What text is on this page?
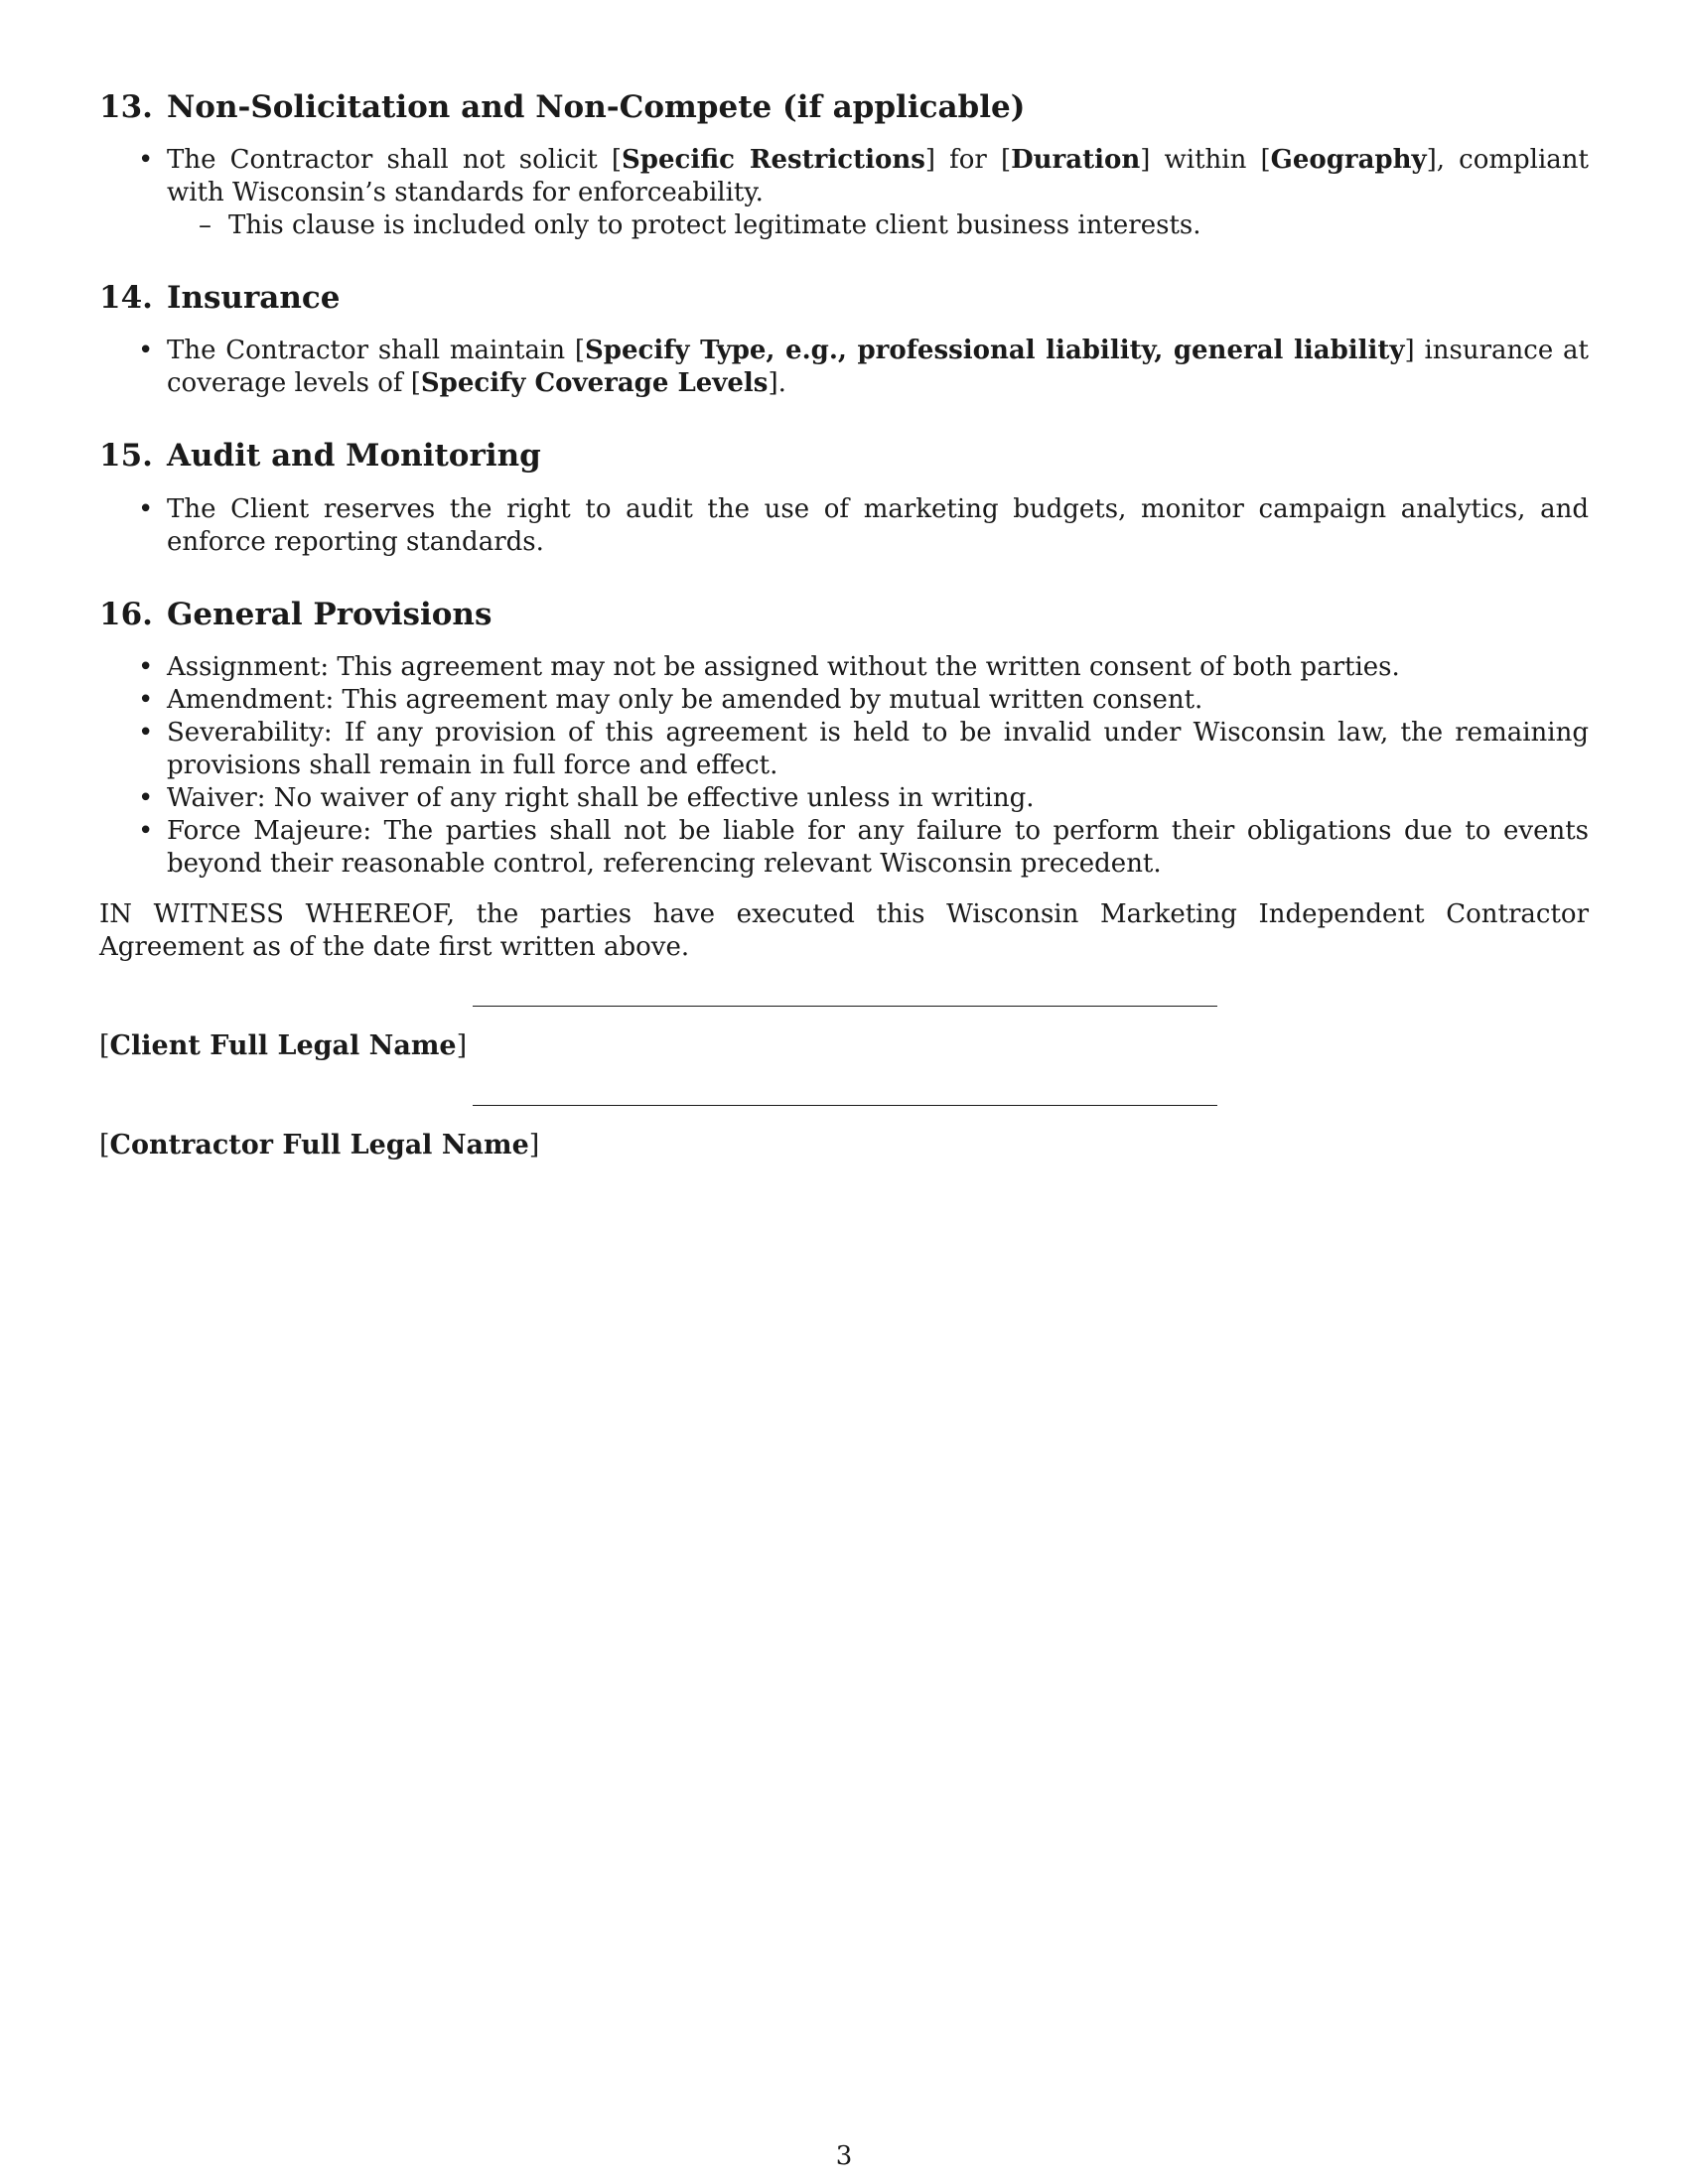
13. Non-Solicitation and Non-Compete (if applicable)
• The Contractor shall not solicit [Specific Restrictions] for [Duration] within [Geography], compliant with Wisconsin’s standards for enforceability.
– This clause is included only to protect legitimate client business interests.
14. Insurance
• The Contractor shall maintain [Specify Type, e.g., professional liability, general liability] insurance at coverage levels of [Specify Coverage Levels].
15. Audit and Monitoring
• The Client reserves the right to audit the use of marketing budgets, monitor campaign analytics, and enforce reporting standards.
16. General Provisions
• Assignment: This agreement may not be assigned without the written consent of both parties.
• Amendment: This agreement may only be amended by mutual written consent.
• Severability: If any provision of this agreement is held to be invalid under Wisconsin law, the remaining provisions shall remain in full force and effect.
• Waiver: No waiver of any right shall be effective unless in writing.
• Force Majeure: The parties shall not be liable for any failure to perform their obligations due to events beyond their reasonable control, referencing relevant Wisconsin precedent.

IN WITNESS WHEREOF, the parties have executed this Wisconsin Marketing Independent Contractor Agreement as of the date first written above.

[Client Full Legal Name]
[Contractor Full Legal Name]
3
